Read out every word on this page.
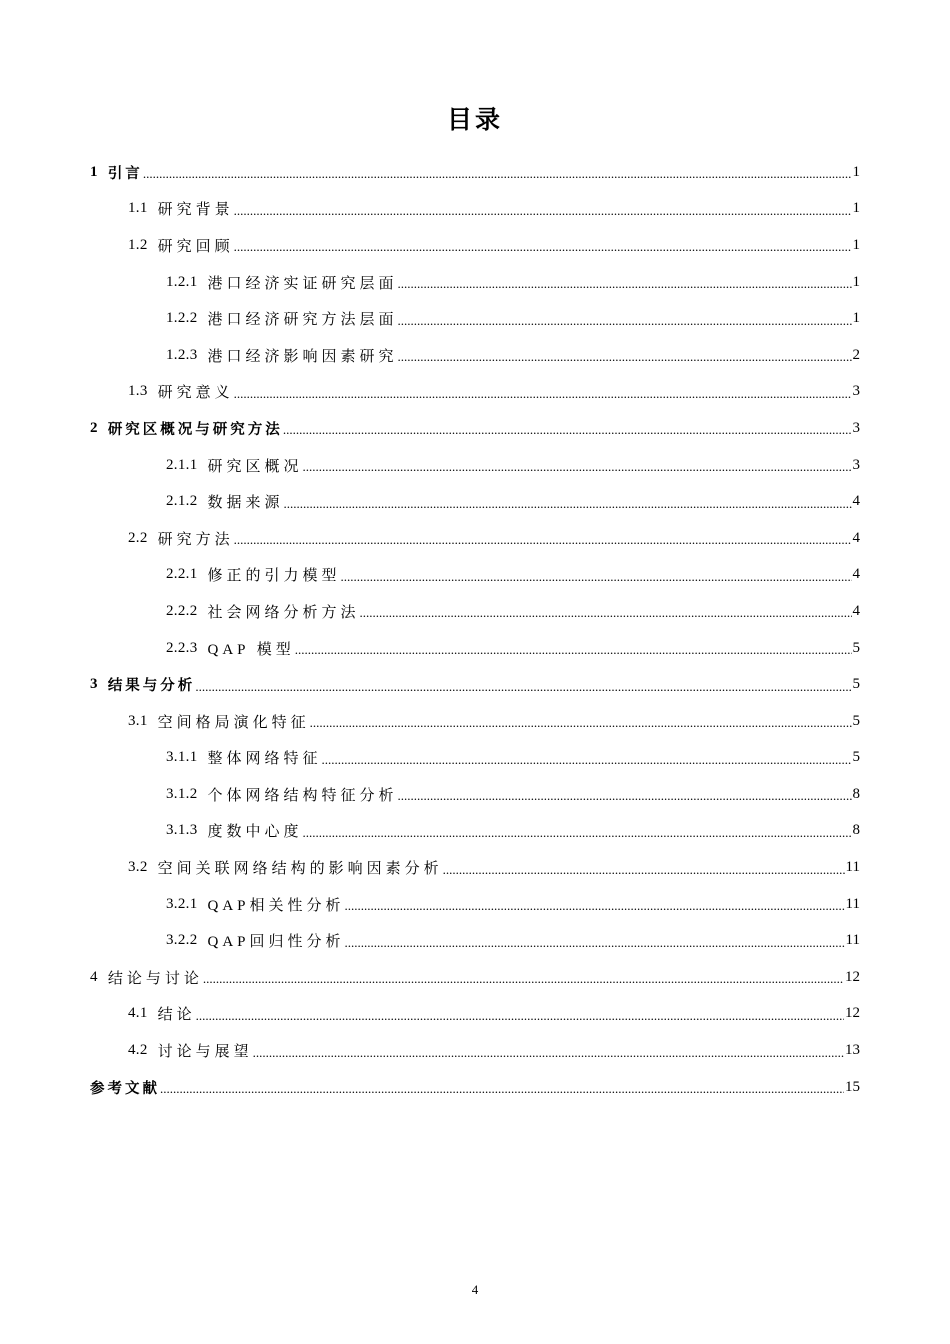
目录
1 引言 .....	1
1.1 研究背景 .....	1
1.2 研究回顾 .....	1
1.2.1 港口经济实证研究层面 .....	1
1.2.2 港口经济研究方法层面 .....	1
1.2.3 港口经济影响因素研究 .....	2
1.3 研究意义 .....	3
2 研究区概况与研究方法 .....	3
2.1.1 研究区概况 .....	3
2.1.2 数据来源 .....	4
2.2 研究方法 .....	4
2.2.1 修正的引力模型 .....	4
2.2.2 社会网络分析方法 .....	4
2.2.3 QAP 模型 .....	5
3 结果与分析 .....	5
3.1 空间格局演化特征 .....	5
3.1.1 整体网络特征 .....	5
3.1.2 个体网络结构特征分析 .....	8
3.1.3 度数中心度 .....	8
3.2 空间关联网络结构的影响因素分析 .....	11
3.2.1 QAP相关性分析 .....	11
3.2.2 QAP回归性分析 .....	11
4 结论与讨论 .....	12
4.1 结论 .....	12
4.2 讨论与展望 .....	13
参考文献 .....	15
4
